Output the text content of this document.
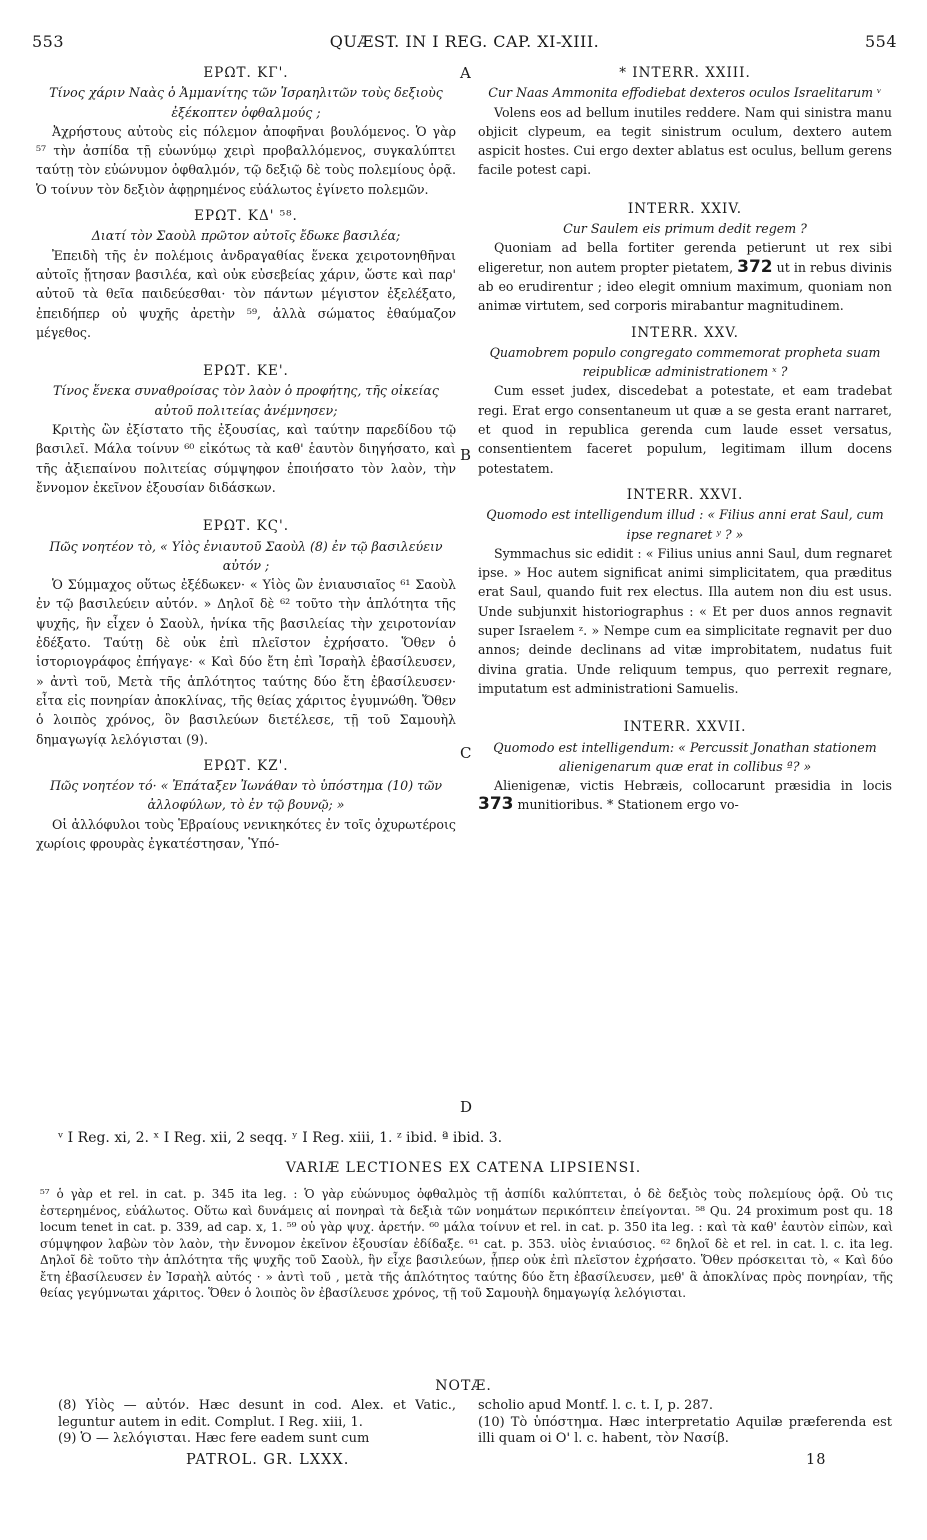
553	QUÆST. IN I REG. CAP. XI-XIII.	554
A
B
C
D
ΕΡΩΤ. ΚΓ'.
Τίνος χάριν Ναὰς ὁ Ἀμμανίτης τῶν Ἰσραηλιτῶν τοὺς δεξιοὺς ἐξέκοπτεν ὀφθαλμούς ;

Ἀχρήστους αὐτοὺς εἰς πόλεμον ἀποφῆναι βουλόμενος. Ὁ γὰρ ⁵⁷ τὴν ἀσπίδα τῇ εὐωνύμῳ χειρὶ προβαλλόμενος, συγκαλύπτει ταύτῃ τὸν εὐώνυμον ὀφθαλμόν, τῷ δεξιῷ δὲ τοὺς πολεμίους ὁρᾷ. Ὁ τοίνυν τὸν δεξιὸν ἀφῃρημένος εὐάλωτος ἐγίνετο πολεμῶν.

ΕΡΩΤ. ΚΔ' ⁵⁸.
Διατί τὸν Σαοὺλ πρῶτον αὐτοῖς ἔδωκε βασιλέα;

Ἐπειδὴ τῆς ἐν πολέμοις ἀνδραγαθίας ἕνεκα χειροτονηθῆναι αὐτοῖς ᾔτησαν βασιλέα, καὶ οὐκ εὐσεβείας χάριν, ὥστε καὶ παρ' αὐτοῦ τὰ θεῖα παιδεύεσθαι· τὸν πάντων μέγιστον ἐξελέξατο, ἐπειδήπερ οὐ ψυχῆς ἀρετὴν ⁵⁹, ἀλλὰ σώματος ἐθαύμαζον μέγεθος.

ΕΡΩΤ. ΚΕ'.
Τίνος ἕνεκα συναθροίσας τὸν λαὸν ὁ προφήτης, τῆς οἰκείας αὐτοῦ πολιτείας ἀνέμνησεν;

Κριτὴς ὢν ἐξίστατο τῆς ἐξουσίας, καὶ ταύτην παρεδίδου τῷ βασιλεῖ. Μάλα τοίνυν ⁶⁰ εἰκότως τὰ καθ' ἑαυτὸν διηγήσατο, καὶ τῆς ἀξιεπαίνου πολιτείας σύμψηφον ἐποιήσατο τὸν λαὸν, τὴν ἔννομον ἐκεῖνον ἐξουσίαν διδάσκων.

ΕΡΩΤ. ΚϚ'.
Πῶς νοητέον τὸ, « Υἱὸς ἐνιαυτοῦ Σαοὺλ (8) ἐν τῷ βασιλεύειν αὐτόν ;

Ὁ Σύμμαχος οὕτως ἐξέδωκεν· « Υἱὸς ὢν ἐνιαυσιαῖος ⁶¹ Σαοὺλ ἐν τῷ βασιλεύειν αὐτόν. » Δηλοῖ δὲ ⁶² τοῦτο τὴν ἁπλότητα τῆς ψυχῆς, ἣν εἶχεν ὁ Σαοὺλ, ἡνίκα τῆς βασιλείας τὴν χειροτονίαν ἐδέξατο. Ταύτῃ δὲ οὐκ ἐπὶ πλεῖστον ἐχρήσατο. Ὅθεν ὁ ἱστοριογράφος ἐπήγαγε· « Καὶ δύο ἔτη ἐπὶ Ἰσραὴλ ἐβασίλευσεν, » ἀντὶ τοῦ, Μετὰ τῆς ἁπλότητος ταύτης δύο ἔτη ἐβασίλευσεν· εἶτα εἰς πονηρίαν ἀποκλίνας, τῆς θείας χάριτος ἐγυμνώθη. Ὅθεν ὁ λοιπὸς χρόνος, ὃν βασιλεύων διετέλεσε, τῇ τοῦ Σαμουὴλ δημαγωγίᾳ λελόγισται (9).

ΕΡΩΤ. ΚΖ'.
Πῶς νοητέον τό· « Ἐπάταξεν Ἰωνάθαν τὸ ὑπόστημα (10) τῶν ἀλλοφύλων, τὸ ἐν τῷ βουνῷ; »

Οἱ ἀλλόφυλοι τοὺς Ἑβραίους νενικηκότες ἐν τοῖς ὀχυρωτέροις χωρίοις φρουρὰς ἐγκατέστησαν, Ὑπό-

* INTERR. XXIII.
Cur Naas Ammonita effodiebat dexteros oculos Israelitarum ᵛ

Volens eos ad bellum inutiles reddere. Nam qui sinistra manu objicit clypeum, ea tegit sinistrum oculum, dextero autem aspicit hostes. Cui ergo dexter ablatus est oculus, bellum gerens facile potest capi.

INTERR. XXIV.
Cur Saulem eis primum dedit regem ?

Quoniam ad bella fortiter gerenda petierunt ut rex sibi eligeretur, non autem propter pietatem, 372 ut in rebus divinis ab eo erudirentur ; ideo elegit omnium maximum, quoniam non animæ virtutem, sed corporis mirabantur magnitudinem.

INTERR. XXV.
Quamobrem populo congregato commemorat propheta suam reipublicæ administrationem ˣ ?

Cum esset judex, discedebat a potestate, et eam tradebat regi. Erat ergo consentaneum ut quæ a se gesta erant narraret, et quod in republica gerenda cum laude esset versatus, consentientem faceret populum, legitimam illum docens potestatem.

INTERR. XXVI.
Quomodo est intelligendum illud : « Filius anni erat Saul, cum ipse regnaret ʸ ? »

Symmachus sic edidit : « Filius unius anni Saul, dum regnaret ipse. » Hoc autem significat animi simplicitatem, qua præditus erat Saul, quando fuit rex electus. Illa autem non diu est usus. Unde subjunxit historiographus : « Et per duos annos regnavit super Israelem ᶻ. » Nempe cum ea simplicitate regnavit per duo annos; deinde declinans ad vitæ improbitatem, nudatus fuit divina gratia. Unde reliquum tempus, quo perrexit regnare, imputatum est administrationi Samuelis.

INTERR. XXVII.
Quomodo est intelligendum: « Percussit Jonathan stationem alienigenarum quæ erat in collibus ª? »

Alienigenæ, victis Hebræis, collocarunt præsidia in locis 373 munitioribus. * Stationem ergo vo-

ᵛ I Reg. xi, 2. ˣ I Reg. xii, 2 seqq. ʸ I Reg. xiii, 1. ᶻ ibid. ª ibid. 3.
VARIÆ LECTIONES EX CATENA LIPSIENSI.
⁵⁷ ὁ γὰρ et rel. in cat. p. 345 ita leg. : Ὁ γὰρ εὐώνυμος ὀφθαλμὸς τῇ ἀσπίδι καλύπτεται, ὁ δὲ δεξιὸς τοὺς πολεμίους ὁρᾷ. Οὐ τις ἐστερημένος, εὐάλωτος. Οὕτω καὶ δυνάμεις αἱ πονηραὶ τὰ δεξιὰ τῶν νοημάτων περικόπτειν ἐπείγονται. ⁵⁸ Qu. 24 proximum post qu. 18 locum tenet in cat. p. 339, ad cap. x, 1. ⁵⁹ οὐ γὰρ ψυχ. ἀρετήν. ⁶⁰ μάλα τοίνυν et rel. in cat. p. 350 ita leg. : καὶ τὰ καθ' ἑαυτὸν εἰπὼν, καὶ σύμψηφον λαβὼν τὸν λαὸν, τὴν ἔννομον ἐκεῖνον ἐξουσίαν ἐδίδαξε. ⁶¹ cat. p. 353. υἱὸς ἐνιαύσιος. ⁶² δηλοῖ δὲ et rel. in cat. l. c. ita leg. Δηλοῖ δὲ τοῦτο τὴν ἁπλότητα τῆς ψυχῆς τοῦ Σαοὺλ, ἣν εἶχε βασιλεύων, ᾗπερ οὐκ ἐπὶ πλεῖστον ἐχρήσατο. Ὅθεν πρόσκειται τὸ, « Καὶ δύο ἔτη ἐβασίλευσεν ἐν Ἰσραὴλ αὐτός · » ἀντὶ τοῦ , μετὰ τῆς ἁπλότητος ταύτης δύο ἔτη ἐβασίλευσεν, μεθ' ἃ ἀποκλίνας πρὸς πονηρίαν, τῆς θείας γεγύμνωται χάριτος. Ὅθεν ὁ λοιπὸς ὃν ἐβασίλευσε χρόνος, τῇ τοῦ Σαμουὴλ δημαγωγίᾳ λελόγισται.
NOTÆ.
(8) Υἱὸς — αὐτόν. Hæc desunt in cod. Alex. et Vatic., leguntur autem in edit. Complut. I Reg. xiii, 1.
(9) Ὁ — λελόγισται. Hæc fere eadem sunt cum
scholio apud Montf. l. c. t. I, p. 287.
(10) Τὸ ὑπόστημα. Hæc interpretatio Aquilæ præferenda est illi quam oi O' l. c. habent, τὸν Νασίβ.
PATROL. GR. LXXX.	18
